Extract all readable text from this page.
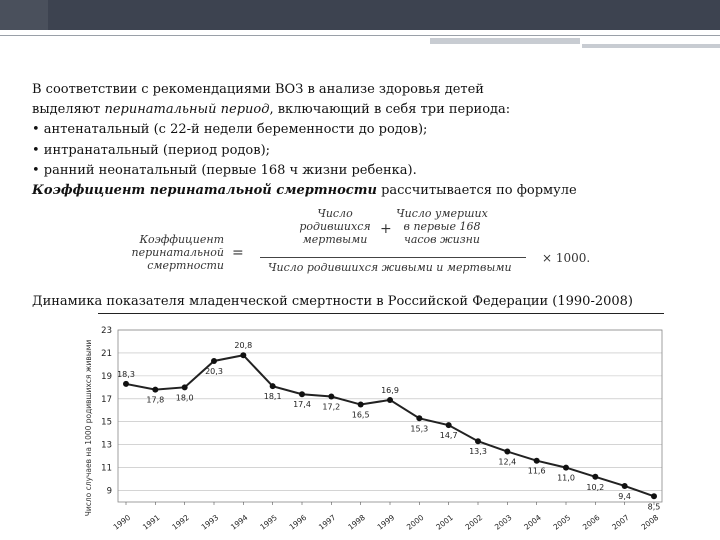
В соответствии с рекомендациями ВОЗ в анализе здоровья детей

выделяют перинатальный период, включающий в себя три периода:

• антенатальный (с 22-й недели беременности до родов);

• интранатальный (период родов);

• ранний неонатальный (первые 168 ч жизни ребенка).

Коэффициент перинатальной смертности рассчитывается по формуле

Коэффициент
перинатальной
смертности
=
Число
родившихся
мертвыми
+
Число умерших
в первые 168
часов жизни
Число родившихся живыми и мертвыми
× 1000.
Динамика показателя младенческой смертности в Российской Федерации (1990-2008)
Число случаев на 1000 родившихся живыми 9
11
13
15
17
19
21
23
1990 1991 1992 1993 1994 1995 1996 1997 1998 1999 2000 2001 2002 2003 2004 2005 2006 2007 2008
18,3
17,8 18,0
20,3
20,8
18,1
17,4 17,2
16,5
16,9
15,3
14,7
13,3
12,4
11,6
11,0
10,2
9,4
8,5
